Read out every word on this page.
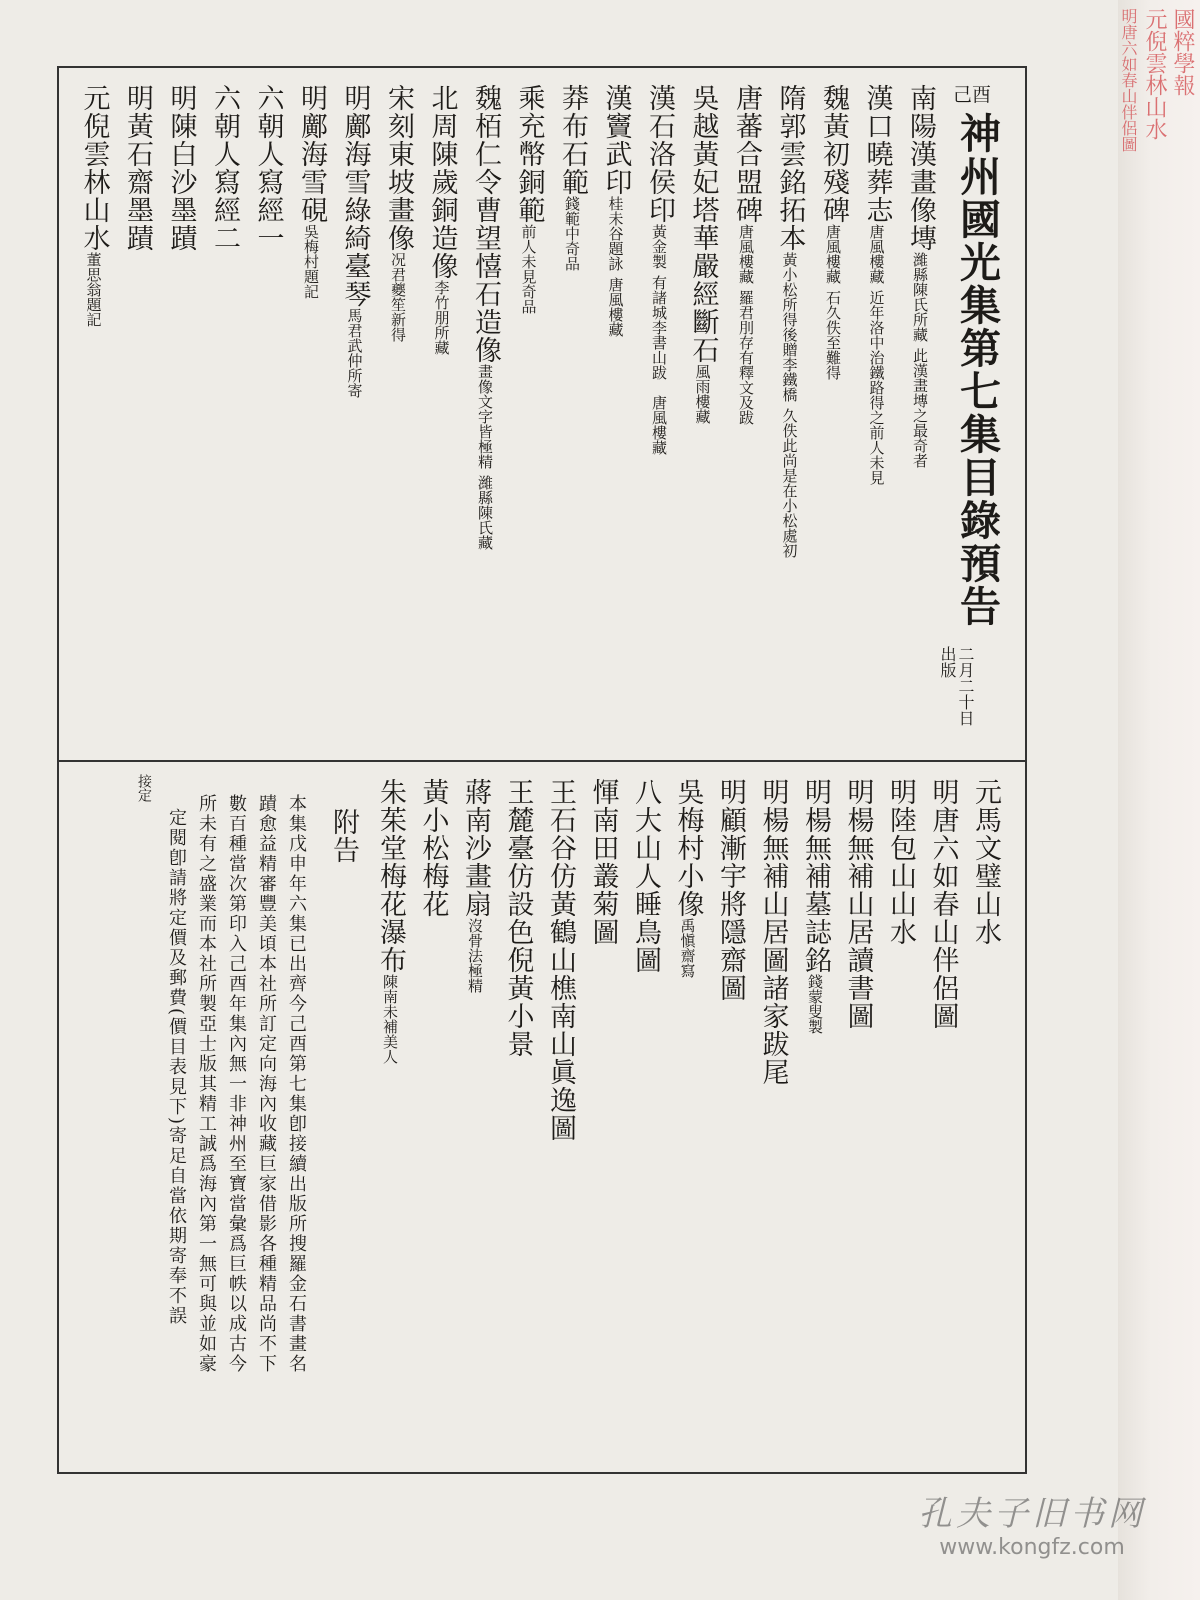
國粹學報
元倪雲林山水
明唐六如春山伴侶圖
己酉
神州國光集第七集目錄預告
二月二十日出版
南陽漢畫像塼濰縣陳氏所藏此漢畫塼之最奇者
漢口曉葬志唐風樓藏近年洛中治鐵路得之前人未見
魏黃初殘碑唐風樓藏石久佚至難得
隋郭雲銘拓本黃小松所得後贈李鐵橋久佚此尚是在小松處初
唐蕃合盟碑唐風樓藏羅君刖存有釋文及跋
吳越黃妃塔華嚴經斷石風雨樓藏
漢石洛侯印黃金製有諸城李書山跋　唐風樓藏
漢竇武印桂未谷題詠唐風樓藏
莽布石範錢範中奇品
乘充幣銅範前人未見奇品
魏栢仁令曹望憘石造像畫像文字皆極精濰縣陳氏藏
北周陳歲銅造像李竹朋所藏
宋刻東坡畫像况君夔笙新得
明鄺海雪綠綺臺琴馬君武仲所寄
明鄺海雪硯吳梅村題記
六朝人寫經一
六朝人寫經二
明陳白沙墨蹟
明黃石齋墨蹟
元倪雲林山水董思翁題記
元馬文璧山水
明唐六如春山伴侶圖
明陸包山山水
明楊無補山居讀書圖
明楊無補墓誌銘錢蒙叟製
明楊無補山居圖諸家跋尾
明顧漸宇將隱齋圖
吳梅村小像禹愼齋寫
八大山人睡鳥圖
惲南田叢菊圖
王石谷仿黃鶴山樵南山眞逸圖
王麓臺仿設色倪黃小景
蔣南沙畫扇沒骨法極精
黃小松梅花
朱茱堂梅花瀑布陳南未補美人
附告
本集戊申年六集已出齊今己酉第七集卽接續出版所搜羅金石書畫名
蹟愈益精審豐美頃本社所訂定向海內收藏巨家借影各種精品尚不下
數百種當次第印入己酉年集內無一非神州至寶當彙爲巨帙以成古今
所未有之盛業而本社所製亞士版其精工誠爲海內第一無可與並如豪
定閱卽請將定價及郵費(價目表見下)寄足自當依期寄奉不誤
接定
孔夫子旧书网
www.kongfz.com
